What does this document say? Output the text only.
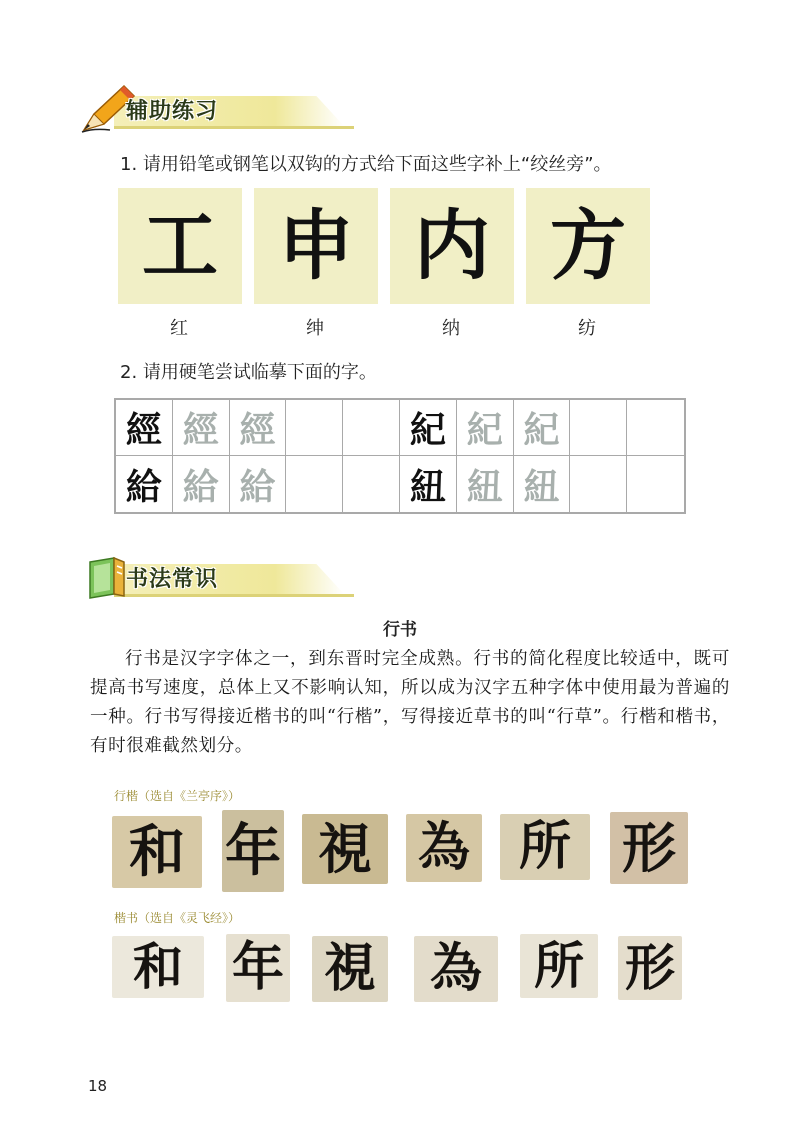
辅助练习
1. 请用铅笔或钢笔以双钩的方式给下面这些字补上“绞丝旁”。
工 申 内 方
红	绅	纳	纺
2. 请用硬笔尝试临摹下面的字。
經 經 經	紀 紀 紀
給 給 給	紐 紐 紐
书法常识
行书
行书是汉字字体之一，到东晋时完全成熟。行书的简化程度比较适中，既可提高书写速度，总体上又不影响认知，所以成为汉字五种字体中使用最为普遍的一种。行书写得接近楷书的叫“行楷”，写得接近草书的叫“行草”。行楷和楷书，有时很难截然划分。
行楷（选自《兰亭序》）
和 年 視 為 所 形
楷书（选自《灵飞经》）
和 年 視 為 所 形
18
